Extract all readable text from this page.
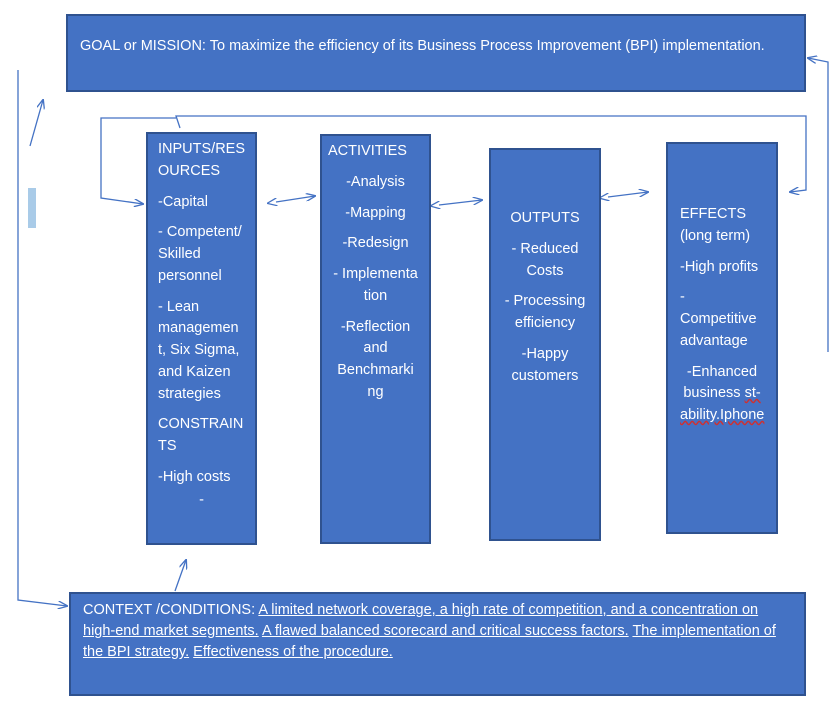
GOAL or MISSION: To maximize the efficiency of its Business Process Improvement (BPI) implementation.

INPUTS/RES OURCES

-Capital

- Competent/ Skilled personnel

- Lean managemen t, Six Sigma, and Kaizen strategies

CONSTRAIN TS

-High costs

-

ACTIVITIES

-Analysis

-Mapping

-Redesign

- Implementa tion

-Reflection and Benchmarki ng

OUTPUTS

- Reduced Costs

- Processing efficiency

-Happy customers

EFFECTS (long term)

-High profits

- Competitive advantage

-Enhanced business st-ability.Iphone

CONTEXT /CONDITIONS: A limited network coverage, a high rate of competition, and a concentration on high-end market segments. A flawed balanced scorecard and critical success factors. The implementation of the BPI strategy. Effectiveness of the procedure.
